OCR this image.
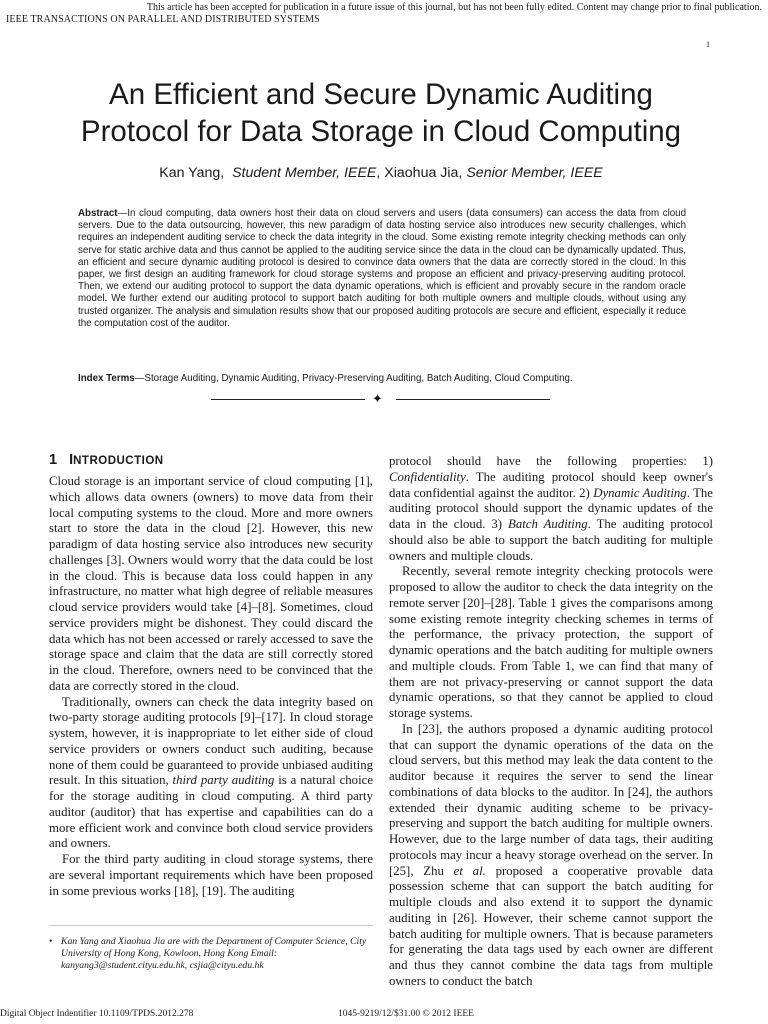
This article has been accepted for publication in a future issue of this journal, but has not been fully edited. Content may change prior to final publication.
IEEE TRANSACTIONS ON PARALLEL AND DISTRIBUTED SYSTEMS
1
An Efficient and Secure Dynamic Auditing
Protocol for Data Storage in Cloud Computing
Kan Yang, Student Member, IEEE, Xiaohua Jia, Senior Member, IEEE
Abstract—In cloud computing, data owners host their data on cloud servers and users (data consumers) can access the data from cloud servers. Due to the data outsourcing, however, this new paradigm of data hosting service also introduces new security challenges, which requires an independent auditing service to check the data integrity in the cloud. Some existing remote integrity checking methods can only serve for static archive data and thus cannot be applied to the auditing service since the data in the cloud can be dynamically updated. Thus, an efficient and secure dynamic auditing protocol is desired to convince data owners that the data are correctly stored in the cloud. In this paper, we first design an auditing framework for cloud storage systems and propose an efficient and privacy-preserving auditing protocol. Then, we extend our auditing protocol to support the data dynamic operations, which is efficient and provably secure in the random oracle model. We further extend our auditing protocol to support batch auditing for both multiple owners and multiple clouds, without using any trusted organizer. The analysis and simulation results show that our proposed auditing protocols are secure and efficient, especially it reduce the computation cost of the auditor.
Index Terms—Storage Auditing, Dynamic Auditing, Privacy-Preserving Auditing, Batch Auditing, Cloud Computing.
✦
1 INTRODUCTION

Cloud storage is an important service of cloud computing [1], which allows data owners (owners) to move data from their local computing systems to the cloud. More and more owners start to store the data in the cloud [2]. However, this new paradigm of data hosting service also introduces new security challenges [3]. Owners would worry that the data could be lost in the cloud. This is because data loss could happen in any infrastructure, no matter what high degree of reliable measures cloud service providers would take [4]–[8]. Sometimes, cloud service providers might be dishonest. They could discard the data which has not been accessed or rarely accessed to save the storage space and claim that the data are still correctly stored in the cloud. Therefore, owners need to be convinced that the data are correctly stored in the cloud.

Traditionally, owners can check the data integrity based on two-party storage auditing protocols [9]–[17]. In cloud storage system, however, it is inappropriate to let either side of cloud service providers or owners conduct such auditing, because none of them could be guaranteed to provide unbiased auditing result. In this situation, third party auditing is a natural choice for the storage auditing in cloud computing. A third party auditor (auditor) that has expertise and capabilities can do a more efficient work and convince both cloud service providers and owners.

For the third party auditing in cloud storage systems, there are several important requirements which have been proposed in some previous works [18], [19]. The auditing

• Kan Yang and Xiaohua Jia are with the Department of Computer Science, City University of Hong Kong, Kowloon, Hong Kong Email: kanyang3@student.cityu.edu.hk, csjia@cityu.edu.hk

protocol should have the following properties: 1) Confidentiality. The auditing protocol should keep owner's data confidential against the auditor. 2) Dynamic Auditing. The auditing protocol should support the dynamic updates of the data in the cloud. 3) Batch Auditing. The auditing protocol should also be able to support the batch auditing for multiple owners and multiple clouds.

Recently, several remote integrity checking protocols were proposed to allow the auditor to check the data integrity on the remote server [20]–[28]. Table 1 gives the comparisons among some existing remote integrity checking schemes in terms of the performance, the privacy protection, the support of dynamic operations and the batch auditing for multiple owners and multiple clouds. From Table 1, we can find that many of them are not privacy-preserving or cannot support the data dynamic operations, so that they cannot be applied to cloud storage systems.

In [23], the authors proposed a dynamic auditing protocol that can support the dynamic operations of the data on the cloud servers, but this method may leak the data content to the auditor because it requires the server to send the linear combinations of data blocks to the auditor. In [24], the authors extended their dynamic auditing scheme to be privacy-preserving and support the batch auditing for multiple owners. However, due to the large number of data tags, their auditing protocols may incur a heavy storage overhead on the server. In [25], Zhu et al. proposed a cooperative provable data possession scheme that can support the batch auditing for multiple clouds and also extend it to support the dynamic auditing in [26]. However, their scheme cannot support the batch auditing for multiple owners. That is because parameters for generating the data tags used by each owner are different and thus they cannot combine the data tags from multiple owners to conduct the batch

Digital Object Indentifier 10.1109/TPDS.2012.278	1045-9219/12/$31.00 © 2012 IEEE
